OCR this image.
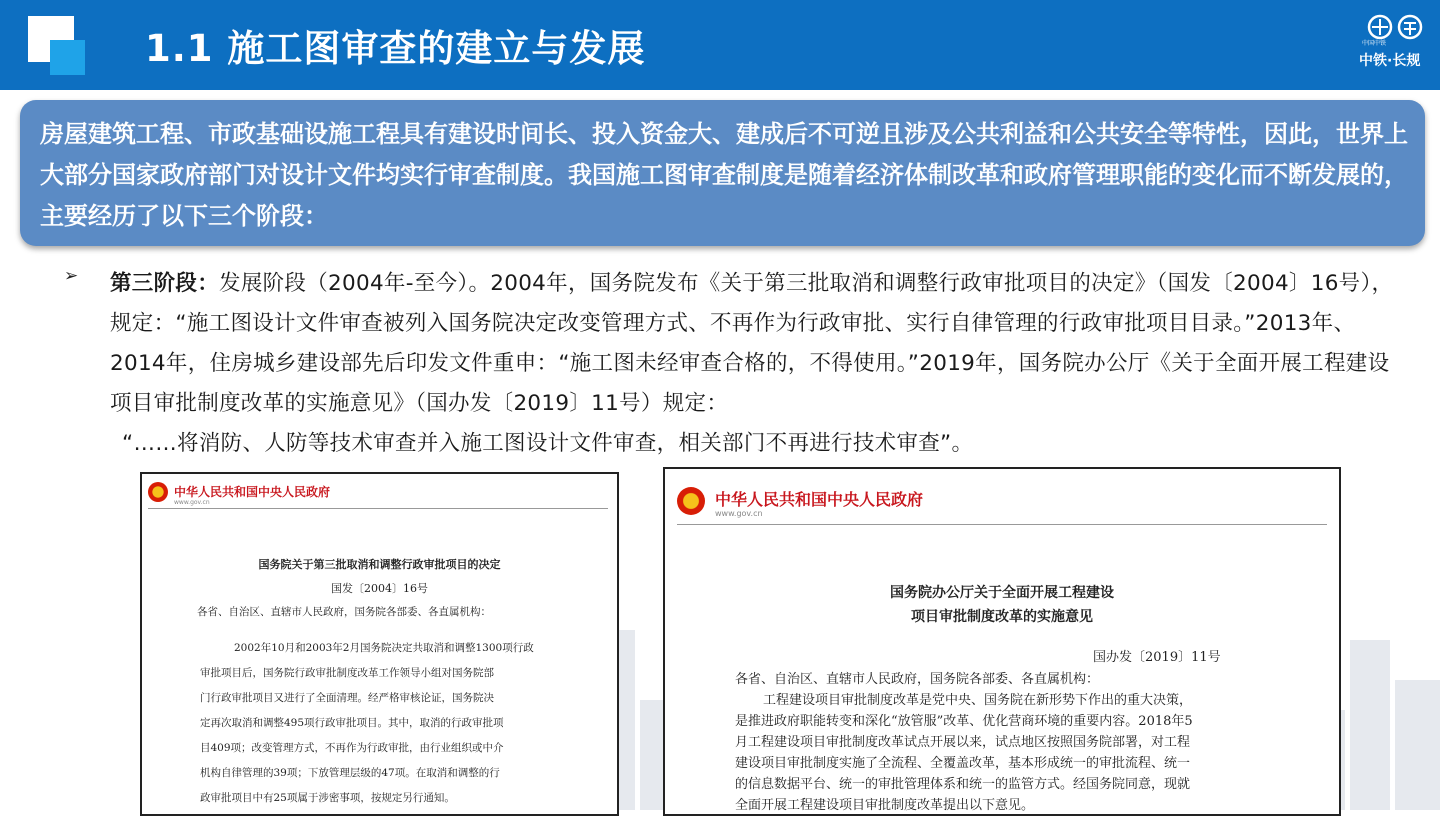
1.1 施工图审查的建立与发展	中国中铁
中铁·长规

房屋建筑工程、市政基础设施工程具有建设时间长、投入资金大、建成后不可逆且涉及公共利益和公共安全等特性，因此，世界上大部分国家政府部门对设计文件均实行审查制度。我国施工图审查制度是随着经济体制改革和政府管理职能的变化而不断发展的，主要经历了以下三个阶段：

➢ 第三阶段：发展阶段（2004年-至今）。2004年，国务院发布《关于第三批取消和调整行政审批项目的决定》（国发〔2004〕16号），规定：“施工图设计文件审查被列入国务院决定改变管理方式、不再作为行政审批、实行自律管理的行政审批项目目录。”2013年、2014年，住房城乡建设部先后印发文件重申：“施工图未经审查合格的，不得使用。”2019年，国务院办公厅《关于全面开展工程建设项目审批制度改革的实施意见》（国办发〔2019〕11号）规定：
“……将消防、人防等技术审查并入施工图设计文件审查，相关部门不再进行技术审查”。
中华人民共和国中央人民政府
www.gov.cn
国务院关于第三批取消和调整行政审批项目的决定
国发〔2004〕16号
各省、自治区、直辖市人民政府，国务院各部委、各直属机构：
2002年10月和2003年2月国务院决定共取消和调整1300项行政
审批项目后，国务院行政审批制度改革工作领导小组对国务院部
门行政审批项目又进行了全面清理。经严格审核论证，国务院决
定再次取消和调整495项行政审批项目。其中，取消的行政审批项
目409项；改变管理方式，不再作为行政审批，由行业组织或中介
机构自律管理的39项；下放管理层级的47项。在取消和调整的行
政审批项目中有25项属于涉密事项，按规定另行通知。
中华人民共和国中央人民政府
www.gov.cn
国务院办公厅关于全面开展工程建设
项目审批制度改革的实施意见
国办发〔2019〕11号
各省、自治区、直辖市人民政府，国务院各部委、各直属机构：
工程建设项目审批制度改革是党中央、国务院在新形势下作出的重大决策，
是推进政府职能转变和深化“放管服”改革、优化营商环境的重要内容。2018年5
月工程建设项目审批制度改革试点开展以来，试点地区按照国务院部署，对工程
建设项目审批制度实施了全流程、全覆盖改革，基本形成统一的审批流程、统一
的信息数据平台、统一的审批管理体系和统一的监管方式。经国务院同意，现就
全面开展工程建设项目审批制度改革提出以下意见。
